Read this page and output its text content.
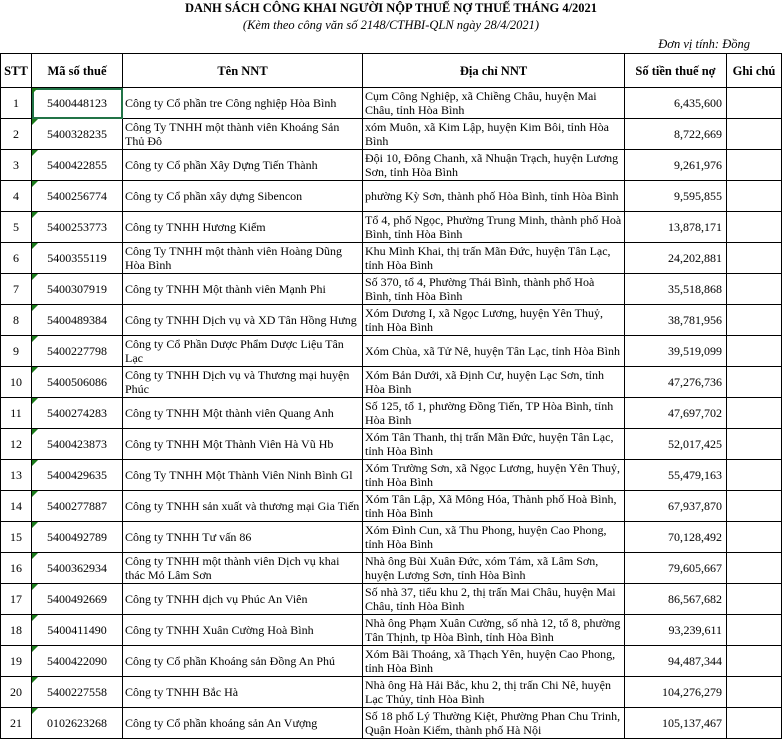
DANH SÁCH CÔNG KHAI NGƯỜI NỘP THUẾ NỢ THUẾ THÁNG 4/2021
(Kèm theo công văn số 2148/CTHBI-QLN ngày 28/4/2021)
Đơn vị tính: Đồng
STT	Mã số thuế	Tên NNT	Địa chỉ NNT	Số tiền thuế nợ	Ghi chú
1	5400448123	Công ty Cổ phần tre Công nghiệp Hòa Bình	Cụm Công Nghiệp, xã Chiềng Châu, huyện Mai Châu, tỉnh Hòa Bình	6,435,600	
2	5400328235	Công Ty TNHH một thành viên Khoáng Sản Thủ Đô	xóm Muôn, xã Kim Lập, huyện Kim Bôi, tỉnh Hòa Bình	8,722,669	
3	5400422855	Công ty Cổ phần Xây Dựng Tiến Thành	Đội 10, Đông Chanh, xã Nhuận Trạch, huyện Lương Sơn, tỉnh Hòa Bình	9,261,976	
4	5400256774	Công ty Cổ phần xây dựng Sibencon	phường Kỳ Sơn, thành phố Hòa Bình, tỉnh Hòa Bình	9,595,855	
5	5400253773	Công ty TNHH Hương Kiểm	Tổ 4, phố Ngọc, Phường Trung Minh, thành phố Hoà Bình, tỉnh Hòa Bình	13,878,171	
6	5400355119	Công Ty TNHH một thành viên Hoàng Dũng Hòa Bình	Khu Mình Khai, thị trấn Mãn Đức, huyện Tân Lạc, tỉnh Hòa Bình	24,202,881	
7	5400307919	Công ty TNHH Một thành viên Mạnh Phi	Số 370, tổ 4, Phường Thái Bình, thành phố Hoà Bình, tỉnh Hòa Bình	35,518,868	
8	5400489384	Công ty TNHH Dịch vụ và XD Tân Hồng Hưng	Xóm Dương I, xã Ngọc Lương, huyện Yên Thuỷ, tỉnh Hòa Bình	38,781,956	
9	5400227798	Công ty Cổ Phần Dược Phẩm Dược Liệu Tân Lạc	Xóm Chùa, xã Tử Nê, huyện Tân Lạc, tỉnh Hòa Bình	39,519,099	
10	5400506086	Công ty TNHH Dịch vụ và Thương mại huyện Phúc	Xóm Bản Dưới, xã Định Cư, huyện Lạc Sơn, tỉnh Hòa Bình	47,276,736	
11	5400274283	Công ty TNHH Một thành viên Quang Anh	Số 125, tổ 1, phường Đồng Tiến, TP Hòa Bình, tỉnh Hòa Bình	47,697,702	
12	5400423873	Công ty TNHH Một Thành Viên Hà Vũ Hb	Xóm Tân Thanh, thị trấn Mãn Đức, huyện Tân Lạc, tỉnh Hòa Bình	52,017,425	
13	5400429635	Công Ty TNHH Một Thành Viên Ninh Bình Gl	Xóm Trường Sơn, xã Ngọc Lương, huyện Yên Thuỷ, tỉnh Hòa Bình	55,479,163	
14	5400277887	Công ty TNHH sản xuất và thương mại Gia Tiến	Xóm Tân Lập, Xã Mông Hóa, Thành phố Hoà Bình, tỉnh Hòa Bình	67,937,870	
15	5400492789	Công ty TNHH Tư vấn 86	Xóm Đình Cun, xã Thu Phong, huyện Cao Phong, tỉnh Hòa Bình	70,128,492	
16	5400362934	Công ty TNHH một thành viên Dịch vụ khai thác Mỏ Lâm Sơn	Nhà ông Bùi Xuân Đức, xóm Tám, xã Lâm Sơn, huyện Lương Sơn, tỉnh Hòa Bình	79,605,667	
17	5400492669	Công ty TNHH dịch vụ Phúc An Viên	Số nhà 37, tiểu khu 2, thị trấn Mai Châu, huyện Mai Châu, tỉnh Hòa Bình	86,567,682	
18	5400411490	Công ty TNHH Xuân Cường Hoà Bình	Nhà ông Phạm Xuân Cường, số nhà 12, tổ 8, phường Tân Thịnh, tp Hòa Bình, tỉnh Hòa Bình	93,239,611	
19	5400422090	Công ty Cổ phần Khoáng sản Đồng An Phú	Xóm Bãi Thoáng, xã Thạch Yên, huyện Cao Phong, tỉnh Hòa Bình	94,487,344	
20	5400227558	Công ty TNHH Bắc Hà	Nhà ông Hà Hải Bắc, khu 2, thị trấn Chi Nê, huyện Lạc Thủy, tỉnh Hòa Bình	104,276,279	
21	0102623268	Công ty Cổ phần khoáng sản An Vượng	Số 18 phố Lý Thường Kiệt, Phường Phan Chu Trinh, Quận Hoàn Kiếm, thành phố Hà Nội	105,137,467	
